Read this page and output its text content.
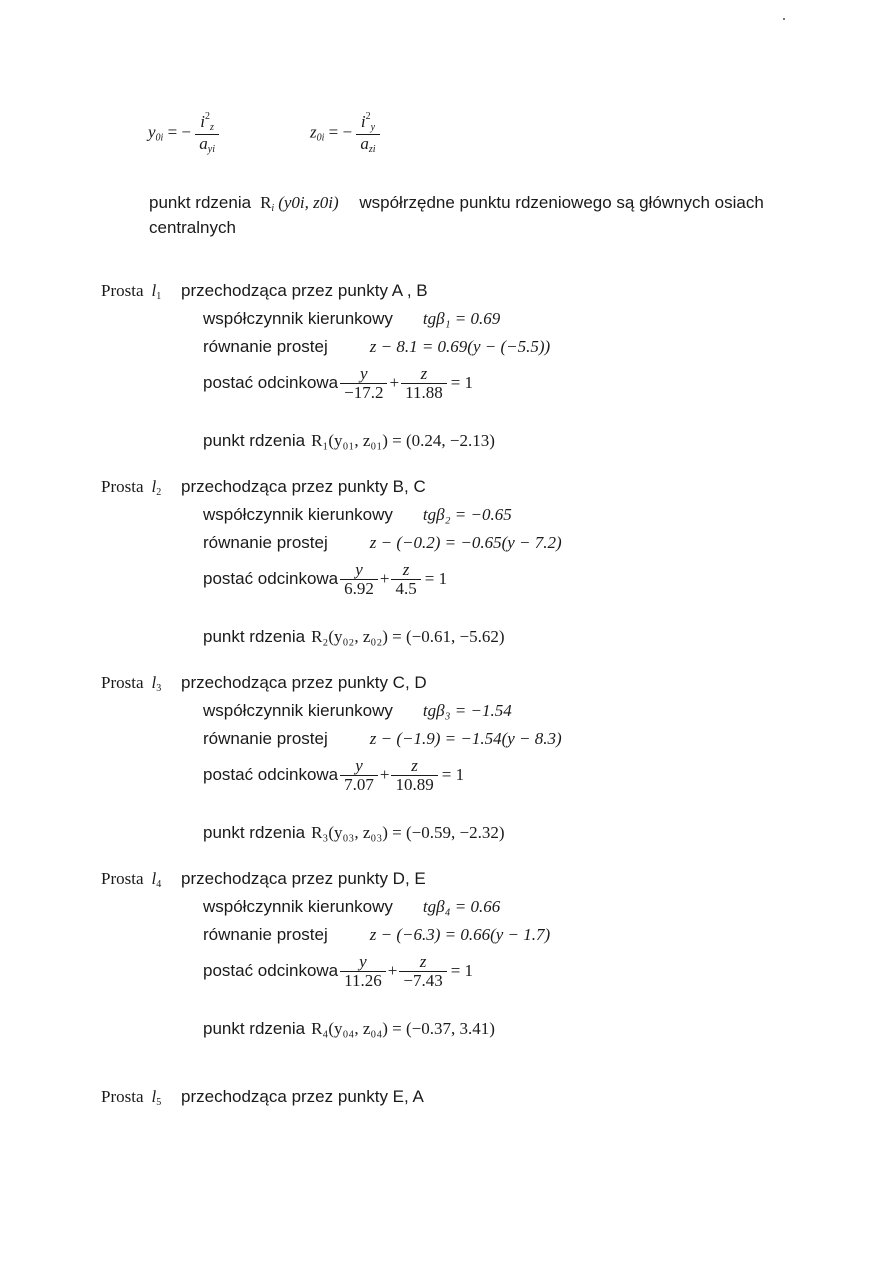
$y_{0i}$ = − $\frac{i^2_z}{a_{yi}}$	$z_{0i}$ = − $\frac{i^2_y}{a_{zi}}$
punkt rdzenia $R_i$ (y0i, z0i) współrzędne punktu rdzeniowego są głównych osiach
centralnych
Prosta $l_1$ przechodząca przez punkty A , B
współczynnik kierunkowy tgβ₁ = 0.69
równanie prostej z − 8.1 = 0.69(y − (−5.5))
postać odcinkowa $\frac{y}{-17.2} + \frac{z}{11.88} = 1$
punkt rdzenia R₁(y₀₁, z₀₁) = (0.24, −2.13)
Prosta $l_2$ przechodząca przez punkty B, C
współczynnik kierunkowy tgβ₂ = −0.65
równanie prostej z − (−0.2) = −0.65(y − 7.2)
postać odcinkowa $\frac{y}{6.92} + \frac{z}{4.5} = 1$
punkt rdzenia R₂(y₀₂, z₀₂) = (−0.61, −5.62)
Prosta $l_3$ przechodząca przez punkty C, D
współczynnik kierunkowy tgβ₃ = −1.54
równanie prostej z − (−1.9) = −1.54(y − 8.3)
postać odcinkowa $\frac{y}{7.07} + \frac{z}{10.89} = 1$
punkt rdzenia R₃(y₀₃, z₀₃) = (−0.59, −2.32)
Prosta $l_4$ przechodząca przez punkty D, E
współczynnik kierunkowy tgβ₄ = 0.66
równanie prostej z − (−6.3) = 0.66(y − 1.7)
postać odcinkowa $\frac{y}{11.26} + \frac{z}{-7.43} = 1$
punkt rdzenia R₄(y₀₄, z₀₄) = (−0.37, 3.41)
Prosta $l_5$ przechodząca przez punkty E, A
